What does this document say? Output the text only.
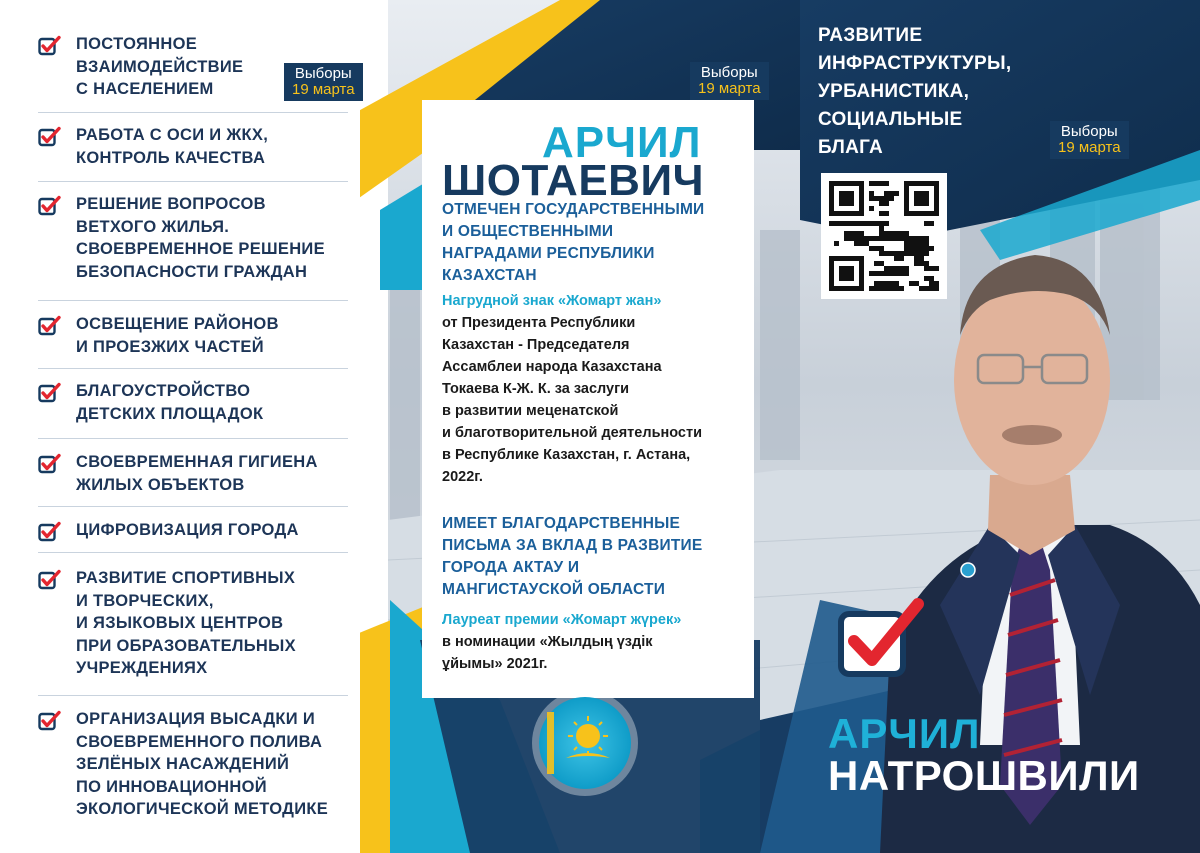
ПОСТОЯННОЕ
ВЗАИМОДЕЙСТВИЕ
С НАСЕЛЕНИЕМ
РАБОТА С ОСИ И ЖКХ,
КОНТРОЛЬ КАЧЕСТВА
РЕШЕНИЕ ВОПРОСОВ
ВЕТХОГО ЖИЛЬЯ.
СВОЕВРЕМЕННОЕ РЕШЕНИЕ
БЕЗОПАСНОСТИ ГРАЖДАН
ОСВЕЩЕНИЕ РАЙОНОВ
И ПРОЕЗЖИХ ЧАСТЕЙ
БЛАГОУСТРОЙСТВО
ДЕТСКИХ ПЛОЩАДОК
СВОЕВРЕМЕННАЯ ГИГИЕНА
ЖИЛЫХ ОБЪЕКТОВ
ЦИФРОВИЗАЦИЯ ГОРОДА
РАЗВИТИЕ СПОРТИВНЫХ
И ТВОРЧЕСКИХ,
И ЯЗЫКОВЫХ ЦЕНТРОВ
ПРИ ОБРАЗОВАТЕЛЬНЫХ
УЧРЕЖДЕНИЯХ
ОРГАНИЗАЦИЯ ВЫСАДКИ И
СВОЕВРЕМЕННОГО ПОЛИВА
ЗЕЛЁНЫХ НАСАЖДЕНИЙ
ПО ИННОВАЦИОННОЙ
ЭКОЛОГИЧЕСКОЙ МЕТОДИКЕ
Выборы
19 марта
Выборы
19 марта
Выборы
19 марта
АРЧИЛ
ШОТАЕВИЧ
ОТМЕЧЕН ГОСУДАРСТВЕННЫМИ
И ОБЩЕСТВЕННЫМИ
НАГРАДАМИ РЕСПУБЛИКИ
КАЗАХСТАН
Нагрудной знак «Жомарт жан»
от Президента Республики
Казахстан - Председателя
Ассамблеи народа Казахстана
Токаева К-Ж. К. за заслуги
в развитии меценатской
и благотворительной деятельности
в Республике Казахстан, г. Астана,
2022г.
ИМЕЕТ БЛАГОДАРСТВЕННЫЕ
ПИСЬМА ЗА ВКЛАД В РАЗВИТИЕ
ГОРОДА АКТАУ И
МАНГИСТАУСКОЙ ОБЛАСТИ
Лауреат премии «Жомарт жүрек»
в номинации «Жылдың үздік
ұйымы» 2021г.
РАЗВИТИЕ
ИНФРАСТРУКТУРЫ,
УРБАНИСТИКА,
СОЦИАЛЬНЫЕ
БЛАГА
АРЧИЛ
НАТРОШВИЛИ
